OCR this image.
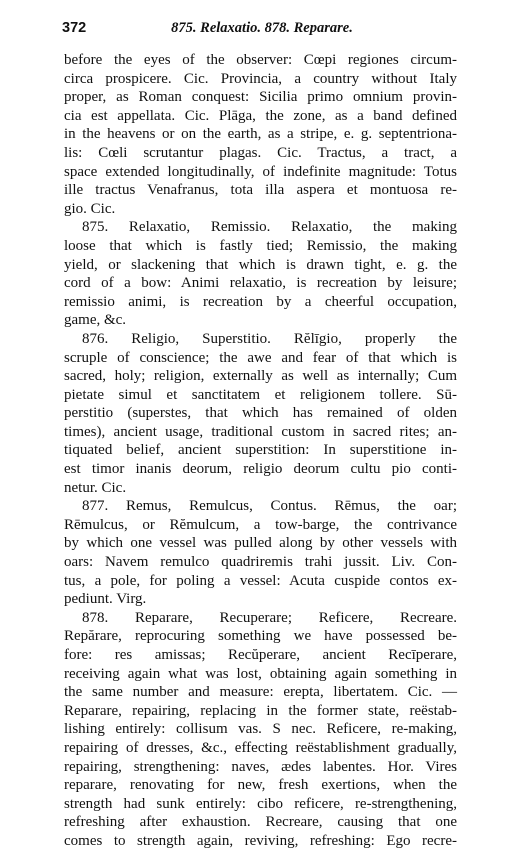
372	875. Relaxatio. 878. Reparare.
before the eyes of the observer: Cœpi regiones circum-
circa prospicere. Cic. Provincia, a country without Italy
proper, as Roman conquest: Sicilia primo omnium provin-
cia est appellata. Cic. Plāga, the zone, as a band defined
in the heavens or on the earth, as a stripe, e. g. septentriona-
lis: Cœli scrutantur plagas. Cic. Tractus, a tract, a
space extended longitudinally, of indefinite magnitude: Totus
ille tractus Venafranus, tota illa aspera et montuosa re-
gio. Cic.
875. Relaxatio, Remissio. Relaxatio, the making
loose that which is fastly tied; Remissio, the making
yield, or slackening that which is drawn tight, e. g. the
cord of a bow: Animi relaxatio, is recreation by leisure;
remissio animi, is recreation by a cheerful occupation,
game, &c.
876. Religio, Superstitio. Rĕlīgio, properly the
scruple of conscience; the awe and fear of that which is
sacred, holy; religion, externally as well as internally; Cum
pietate simul et sanctitatem et religionem tollere. Sū-
perstitio (superstes, that which has remained of olden
times), ancient usage, traditional custom in sacred rites; an-
tiquated belief, ancient superstition: In superstitione in-
est timor inanis deorum, religio deorum cultu pio conti-
netur. Cic.
877. Remus, Remulcus, Contus. Rēmus, the oar;
Rēmulcus, or Rĕmulcum, a tow-barge, the contrivance
by which one vessel was pulled along by other vessels with
oars: Navem remulco quadriremis trahi jussit. Liv. Con-
tus, a pole, for poling a vessel: Acuta cuspide contos ex-
pediunt. Virg.
878. Reparare, Recuperare; Reficere, Recreare.
Repărare, reprocuring something we have possessed be-
fore: res amissas; Recŭperare, ancient Recīperare,
receiving again what was lost, obtaining again something in
the same number and measure: erepta, libertatem. Cic. —
Reparare, repairing, replacing in the former state, reëstab-
lishing entirely: collisum vas. S nec. Reficere, re-making,
repairing of dresses, &c., effecting reëstablishment gradually,
repairing, strengthening: naves, ædes labentes. Hor. Vires
reparare, renovating for new, fresh exertions, when the
strength had sunk entirely: cibo reficere, re-strengthening,
refreshing after exhaustion. Recreare, causing that one
comes to strength again, reviving, refreshing: Ego recre-
